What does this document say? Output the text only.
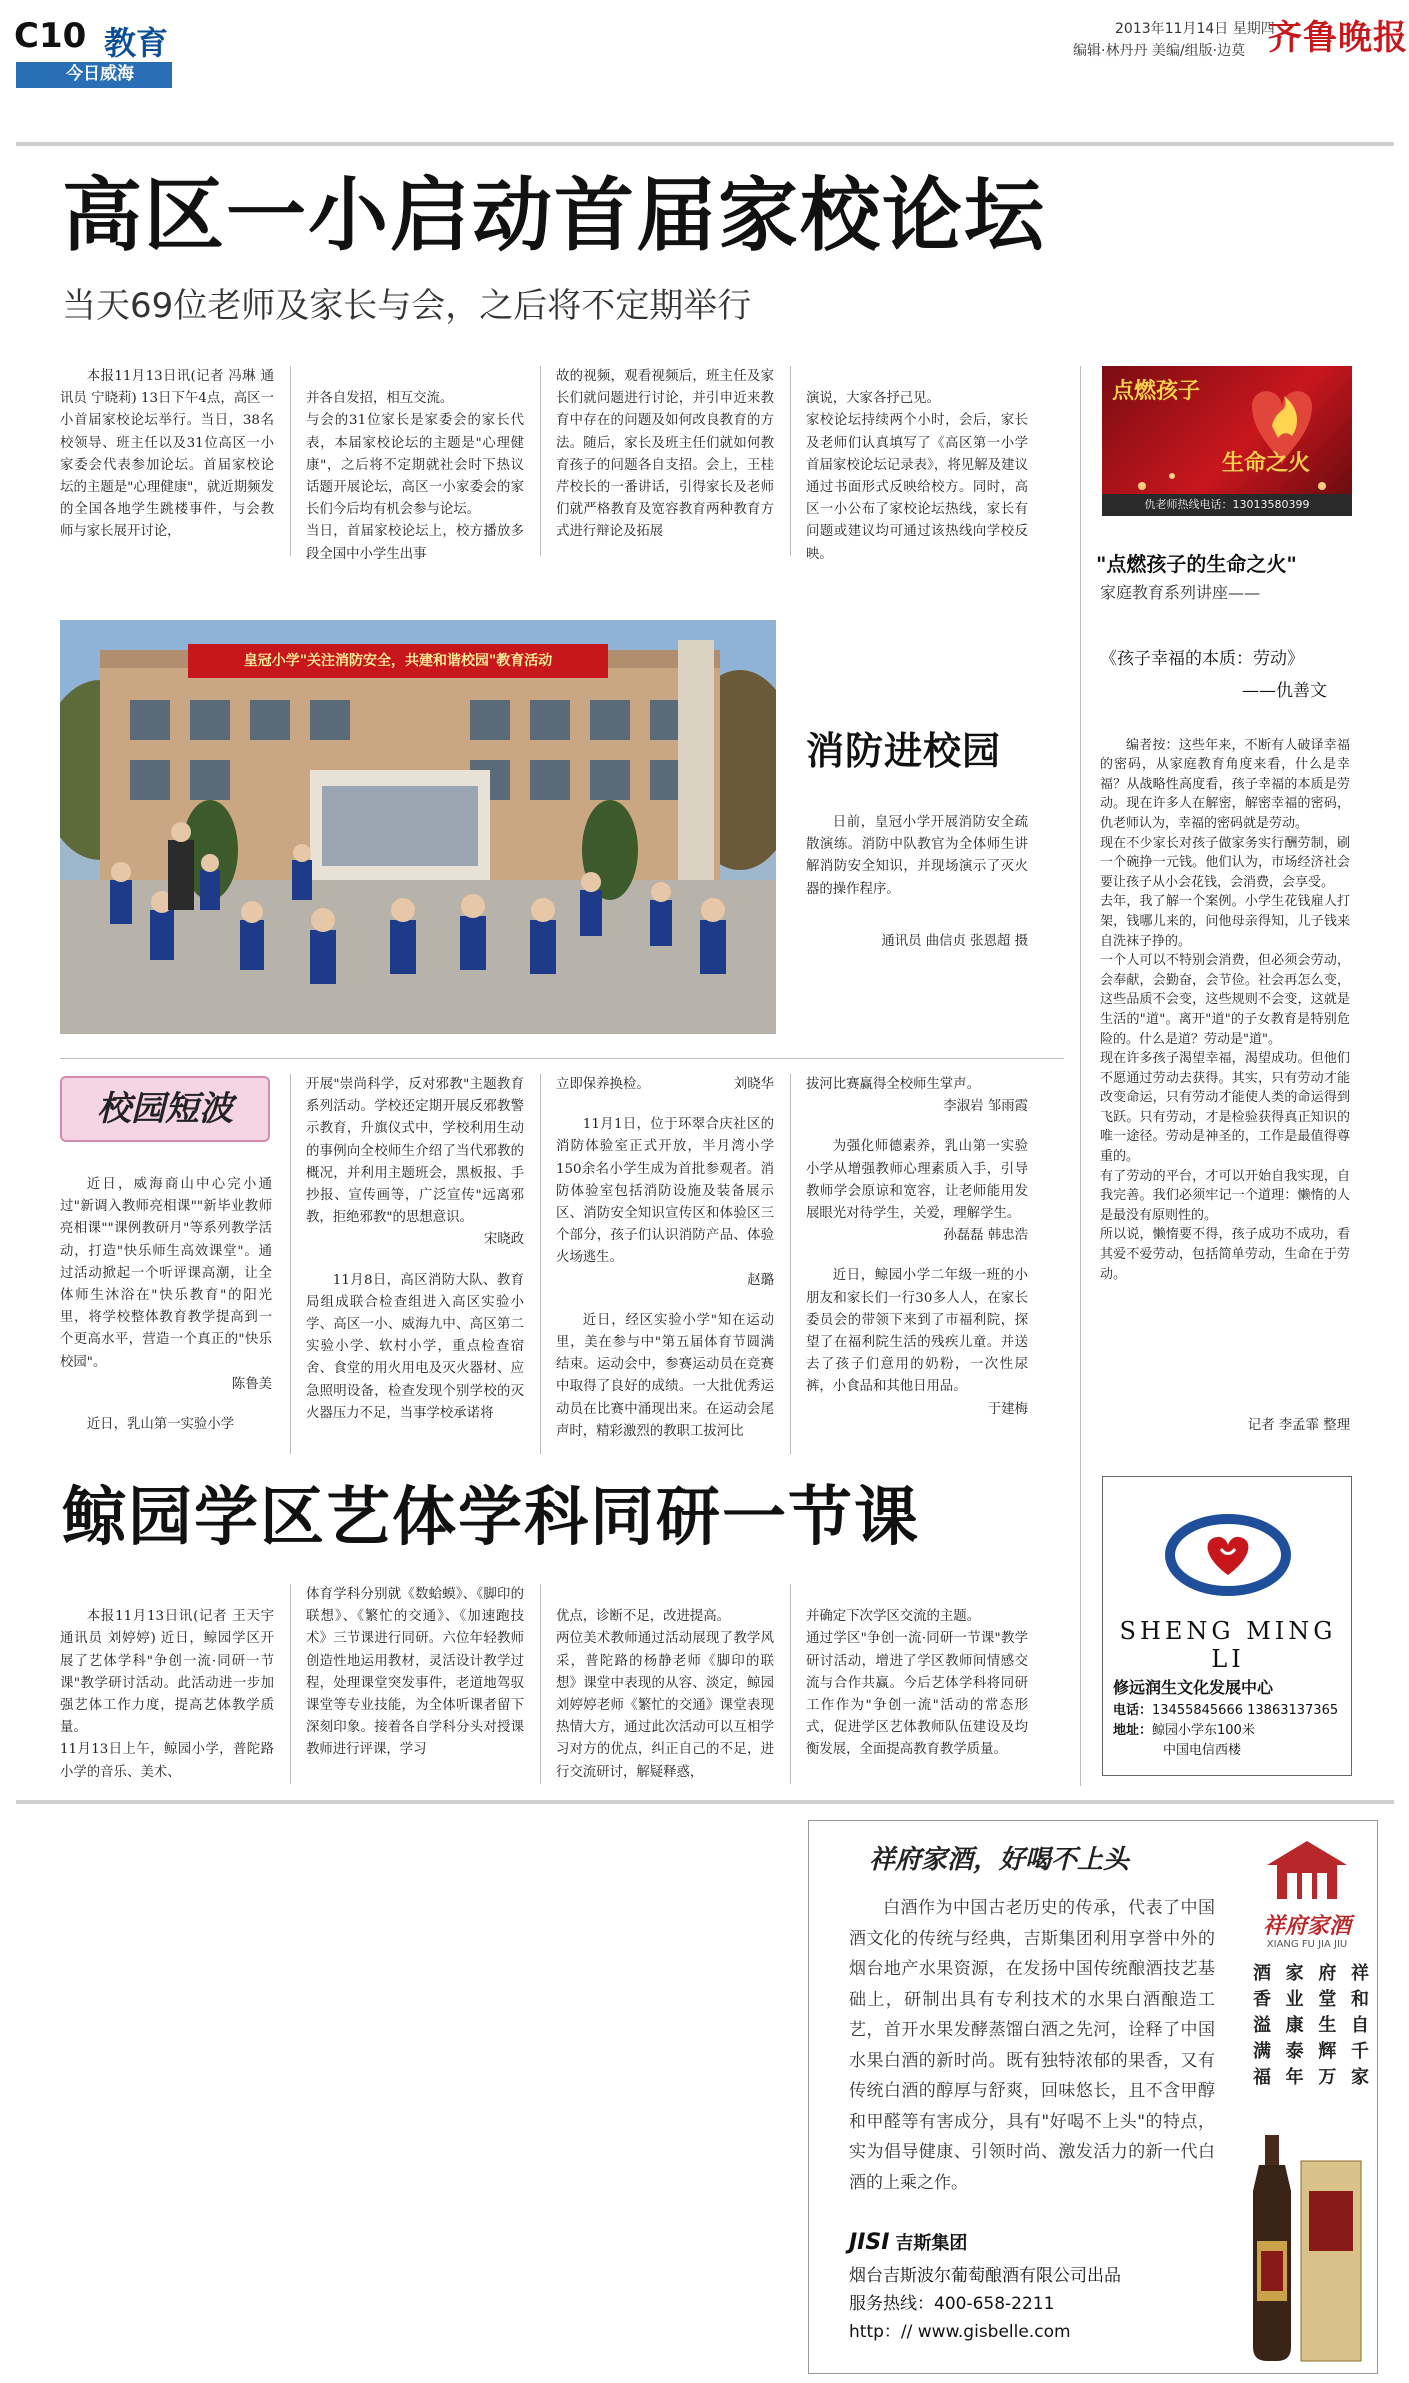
C10 教育
今日威海
2013年11月14日 星期四
编辑·林丹丹 美编/组版·边莫 齐鲁晚报
高区一小启动首届家校论坛
当天69位老师及家长与会，之后将不定期举行

本报11月13日讯(记者 冯琳 通讯员 宁晓莉) 13日下午4点，高区一小首届家校论坛举行。当日，38名校领导、班主任以及31位高区一小家委会代表参加论坛。首届家校论坛的主题是"心理健康"，就近期频发的全国各地学生跳楼事件，与会教师与家长展开讨论，

并各自发招，相互交流。
与会的31位家长是家委会的家长代表，本届家校论坛的主题是"心理健康"，之后将不定期就社会时下热议话题开展论坛，高区一小家委会的家长们今后均有机会参与论坛。
当日，首届家校论坛上，校方播放多段全国中小学生出事

故的视频，观看视频后，班主任及家长们就问题进行讨论，并引申近来教育中存在的问题及如何改良教育的方法。随后，家长及班主任们就如何教育孩子的问题各自支招。会上，王桂芹校长的一番讲话，引得家长及老师们就严格教育及宽容教育两种教育方式进行辩论及拓展

演说，大家各抒己见。
家校论坛持续两个小时，会后，家长及老师们认真填写了《高区第一小学首届家校论坛记录表》，将见解及建议通过书面形式反映给校方。同时，高区一小公布了家校论坛热线，家长有问题或建议均可通过该热线向学校反映。

皇冠小学"关注消防安全，共建和谐校园"教育活动
消防进校园

日前，皇冠小学开展消防安全疏散演练。消防中队教官为全体师生讲解消防安全知识，并现场演示了灭火器的操作程序。

通讯员 曲信贞 张恩超 摄
校园短波

近日，威海商山中心完小通过"新调入教师亮相课""新毕业教师亮相课""课例教研月"等系列教学活动，打造"快乐师生高效课堂"。通过活动掀起一个听评课高潮，让全体师生沐浴在"快乐教育"的阳光里，将学校整体教育教学提高到一个更高水平，营造一个真正的"快乐校园"。

陈鲁美

近日，乳山第一实验小学

开展"崇尚科学，反对邪教"主题教育系列活动。学校还定期开展反邪教警示教育，升旗仪式中，学校利用生动的事例向全校师生介绍了当代邪教的概况，并利用主题班会，黑板报、手抄报、宣传画等，广泛宣传"远离邪教，拒绝邪教"的思想意识。

宋晓政

11月8日，高区消防大队、教育局组成联合检查组进入高区实验小学、高区一小、威海九中、高区第二实验小学、软村小学，重点检查宿舍、食堂的用火用电及灭火器材、应急照明设备，检查发现个别学校的灭火器压力不足，当事学校承诺将

立即保养换检。	刘晓华

11月1日，位于环翠合庆社区的消防体验室正式开放，半月湾小学150余名小学生成为首批参观者。消防体验室包括消防设施及装备展示区、消防安全知识宣传区和体验区三个部分，孩子们认识消防产品、体验火场逃生。

赵璐

近日，经区实验小学"知在运动里，美在参与中"第五届体育节圆满结束。运动会中，参赛运动员在竞赛中取得了良好的成绩。一大批优秀运动员在比赛中涌现出来。在运动会尾声时，精彩激烈的教职工拔河比

拔河比赛赢得全校师生掌声。

李淑岩 邹雨霞

为强化师德素养，乳山第一实验小学从增强教师心理素质入手，引导教师学会原谅和宽容，让老师能用发展眼光对待学生，关爱，理解学生。

孙磊磊 韩忠浩

近日，鲸园小学二年级一班的小朋友和家长们一行30多人人，在家长委员会的带领下来到了市福利院，探望了在福利院生活的残疾儿童。并送去了孩子们意用的奶粉，一次性尿裤，小食品和其他日用品。

于建梅
鲸园学区艺体学科同研一节课

本报11月13日讯(记者 王天宇 通讯员 刘婷婷) 近日，鲸园学区开展了艺体学科"争创一流·同研一节课"教学研讨活动。此活动进一步加强艺体工作力度，提高艺体教学质量。
11月13日上午，鲸园小学，普陀路小学的音乐、美术、

体育学科分别就《数蛤蟆》、《脚印的联想》、《繁忙的交通》、《加速跑技术》三节课进行同研。六位年轻教师创造性地运用教材，灵活设计教学过程，处理课堂突发事件，老道地驾驭课堂等专业技能，为全体听课者留下深刻印象。接着各自学科分头对授课教师进行评课，学习

优点，诊断不足，改进提高。
两位美术教师通过活动展现了教学风采，普陀路的杨静老师《脚印的联想》课堂中表现的从容、淡定，鲸园刘婷婷老师《繁忙的交通》课堂表现热情大方，通过此次活动可以互相学习对方的优点，纠正自己的不足，进行交流研讨，解疑释惑，

并确定下次学区交流的主题。
通过学区"争创一流·同研一节课"教学研讨活动，增进了学区教师间情感交流与合作共赢。今后艺体学科将同研工作作为"争创一流"活动的常态形式，促进学区艺体教师队伍建设及均衡发展，全面提高教育教学质量。

点燃孩子
生命之火
仇老师热线电话：13013580399
"点燃孩子的生命之火"
家庭教育系列讲座——
《孩子幸福的本质：劳动》
——仇善文

编者按：这些年来，不断有人破译幸福的密码，从家庭教育角度来看，什么是幸福？从战略性高度看，孩子幸福的本质是劳动。现在许多人在解密，解密幸福的密码，仇老师认为，幸福的密码就是劳动。
现在不少家长对孩子做家务实行酬劳制，刷一个碗挣一元钱。他们认为，市场经济社会要让孩子从小会花钱，会消费，会享受。
去年，我了解一个案例。小学生花钱雇人打架，钱哪儿来的，问他母亲得知，儿子钱来自洗袜子挣的。
一个人可以不特别会消费，但必须会劳动，会奉献，会勤奋，会节俭。社会再怎么变，这些品质不会变，这些规则不会变，这就是生活的"道"。离开"道"的子女教育是特别危险的。什么是道？劳动是"道"。
现在许多孩子渴望幸福，渴望成功。但他们不愿通过劳动去获得。其实，只有劳动才能改变命运，只有劳动才能使人类的命运得到飞跃。只有劳动，才是检验获得真正知识的唯一途径。劳动是神圣的，工作是最值得尊重的。
有了劳动的平台，才可以开始自我实现，自我完善。我们必须牢记一个道理：懒惰的人是最没有原则性的。
所以说，懒惰要不得，孩子成功不成功，看其爱不爱劳动，包括简单劳动，生命在于劳动。

记者 李孟霏 整理
SHENG MING LI
修远润生文化发展中心
电话：13455845666 13863137365
地址：鲸园小学东100米
中国电信西楼
祥府家酒，好喝不上头
白酒作为中国古老历史的传承，代表了中国酒文化的传统与经典，吉斯集团利用享誉中外的烟台地产水果资源，在发扬中国传统酿酒技艺基础上，研制出具有专利技术的水果白酒酿造工艺，首开水果发酵蒸馏白酒之先河，诠释了中国水果白酒的新时尚。既有独特浓郁的果香，又有传统白酒的醇厚与舒爽，回味悠长，且不含甲醇和甲醛等有害成分，具有"好喝不上头"的特点，实为倡导健康、引领时尚、激发活力的新一代白酒的上乘之作。
JISI 吉斯集团
烟台吉斯波尔葡萄酿酒有限公司出品
服务热线：400-658-2211
http：// www.gisbelle.com
祥府家酒
XIANG FU JIA JIU
祥
和
自
千
家
府
堂
生
辉
万
家
业
康
泰
年
酒
香
溢
满
福
